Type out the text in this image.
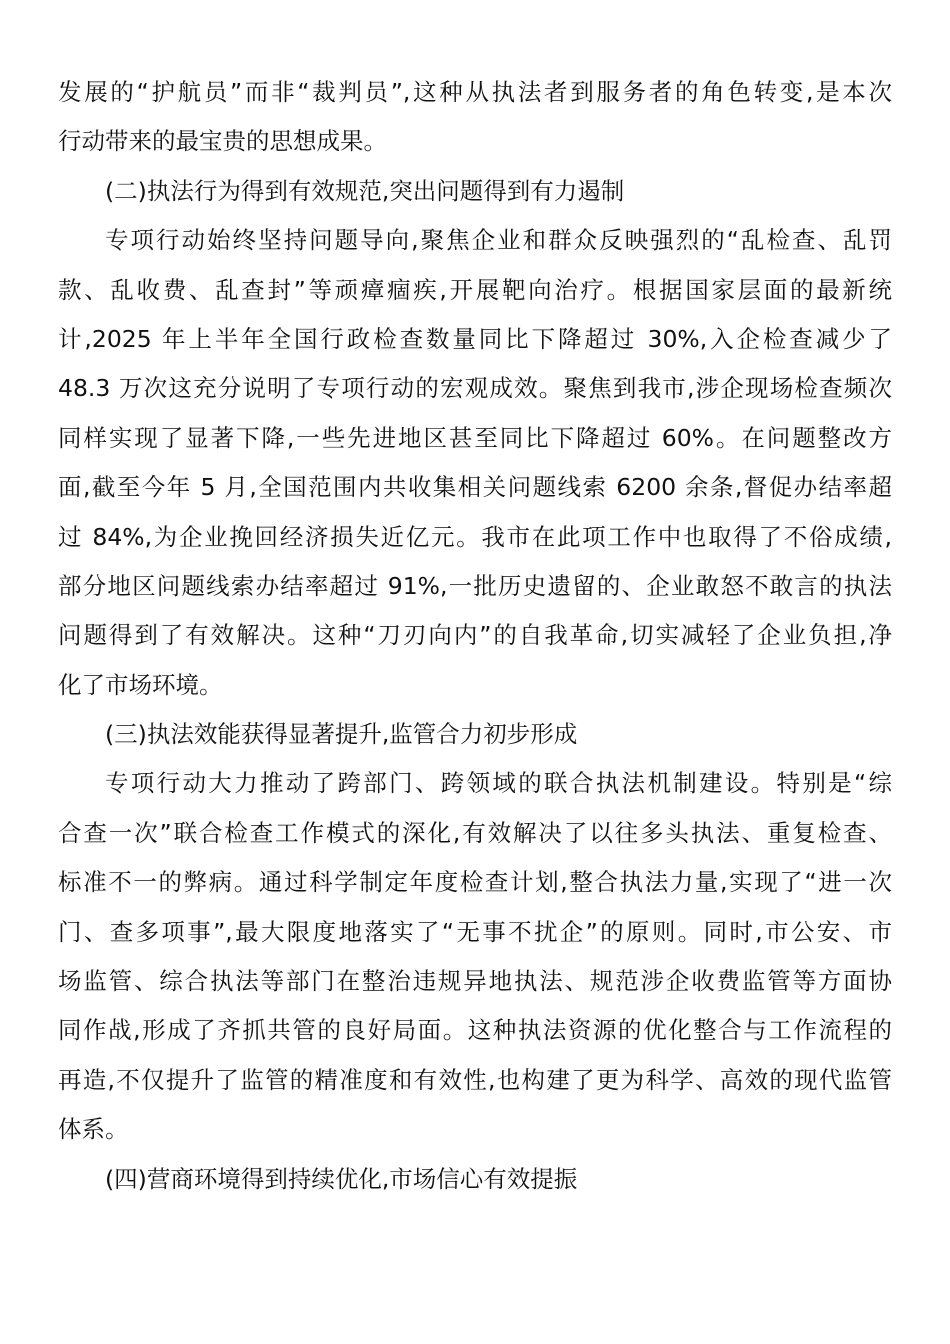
发展的“护航员”而非“裁判员”,这种从执法者到服务者的角色转变,是本次
行动带来的最宝贵的思想成果。
(二)执法行为得到有效规范,突出问题得到有力遏制
专项行动始终坚持问题导向,聚焦企业和群众反映强烈的“乱检查、乱罚
款、乱收费、乱查封”等顽瘴痼疾,开展靶向治疗。根据国家层面的最新统
计,2025 年上半年全国行政检查数量同比下降超过 30%,入企检查减少了
48.3 万次这充分说明了专项行动的宏观成效。聚焦到我市,涉企现场检查频次
同样实现了显著下降,一些先进地区甚至同比下降超过 60%。在问题整改方
面,截至今年 5 月,全国范围内共收集相关问题线索 6200 余条,督促办结率超
过 84%,为企业挽回经济损失近亿元。我市在此项工作中也取得了不俗成绩,
部分地区问题线索办结率超过 91%,一批历史遗留的、企业敢怒不敢言的执法
问题得到了有效解决。这种“刀刃向内”的自我革命,切实减轻了企业负担,净
化了市场环境。
(三)执法效能获得显著提升,监管合力初步形成
专项行动大力推动了跨部门、跨领域的联合执法机制建设。特别是“综
合查一次”联合检查工作模式的深化,有效解决了以往多头执法、重复检查、
标准不一的弊病。通过科学制定年度检查计划,整合执法力量,实现了“进一次
门、查多项事”,最大限度地落实了“无事不扰企”的原则。同时,市公安、市
场监管、综合执法等部门在整治违规异地执法、规范涉企收费监管等方面协
同作战,形成了齐抓共管的良好局面。这种执法资源的优化整合与工作流程的
再造,不仅提升了监管的精准度和有效性,也构建了更为科学、高效的现代监管
体系。
(四)营商环境得到持续优化,市场信心有效提振
